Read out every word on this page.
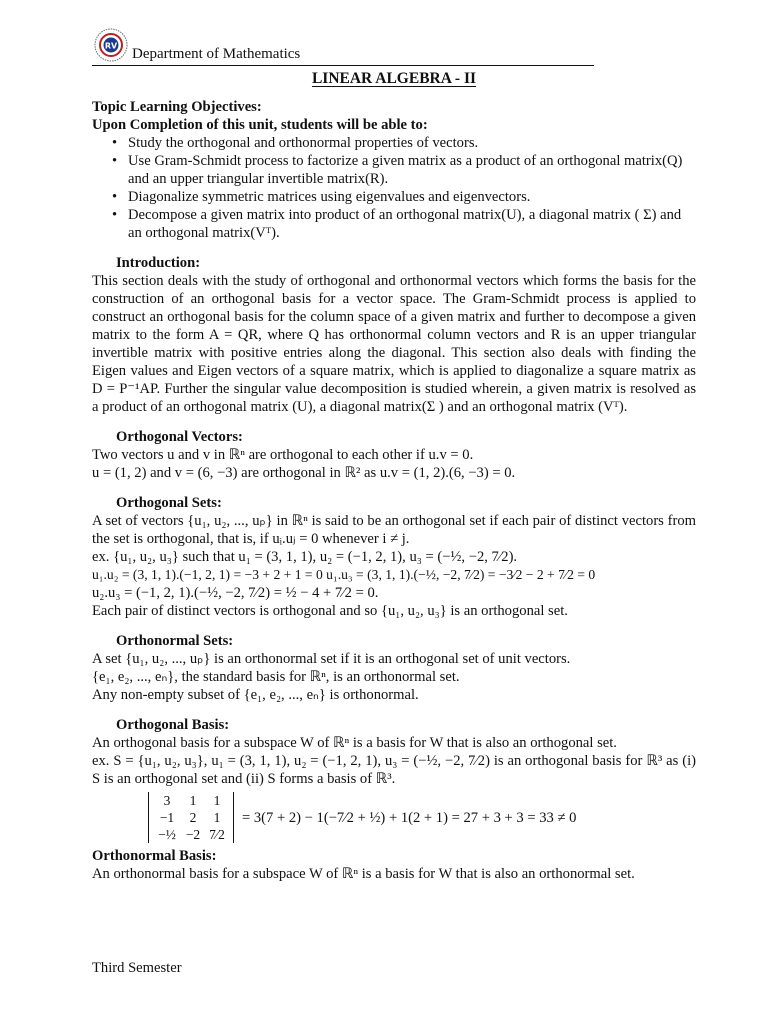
RV Department of Mathematics
LINEAR ALGEBRA - II
Topic Learning Objectives:
Upon Completion of this unit, students will be able to:
• Study the orthogonal and orthonormal properties of vectors.
• Use Gram-Schmidt process to factorize a given matrix as a product of an orthogonal matrix(Q) and an upper triangular invertible matrix(R).
• Diagonalize symmetric matrices using eigenvalues and eigenvectors.
• Decompose a given matrix into product of an orthogonal matrix(U), a diagonal matrix ( Σ) and an orthogonal matrix(Vᵀ).
Introduction:
This section deals with the study of orthogonal and orthonormal vectors which forms the basis for the construction of an orthogonal basis for a vector space. The Gram-Schmidt process is applied to construct an orthogonal basis for the column space of a given matrix and further to decompose a given matrix to the form A = QR, where Q has orthonormal column vectors and R is an upper triangular invertible matrix with positive entries along the diagonal. This section also deals with finding the Eigen values and Eigen vectors of a square matrix, which is applied to diagonalize a square matrix as D = P⁻¹AP. Further the singular value decomposition is studied wherein, a given matrix is resolved as a product of an orthogonal matrix (U), a diagonal matrix(Σ ) and an orthogonal matrix (Vᵀ).
Orthogonal Vectors:
Two vectors u and v in ℝⁿ are orthogonal to each other if u.v = 0.
u = (1, 2) and v = (6, −3) are orthogonal in ℝ² as u.v = (1, 2).(6, −3) = 0.
Orthogonal Sets:
A set of vectors {u₁, u₂, ..., uₚ} in ℝⁿ is said to be an orthogonal set if each pair of distinct vectors from the set is orthogonal, that is, if uᵢ.uⱼ = 0 whenever i ≠ j.
ex. {u₁, u₂, u₃} such that u₁ = (3, 1, 1), u₂ = (−1, 2, 1), u₃ = (−½, −2, 7⁄2).
u₁.u₂ = (3, 1, 1).(−1, 2, 1) = −3 + 2 + 1 = 0 u₁.u₃ = (3, 1, 1).(−½, −2, 7⁄2) = −3⁄2 − 2 + 7⁄2 = 0
u₂.u₃ = (−1, 2, 1).(−½, −2, 7⁄2) = ½ − 4 + 7⁄2 = 0.
Each pair of distinct vectors is orthogonal and so {u₁, u₂, u₃} is an orthogonal set.
Orthonormal Sets:
A set {u₁, u₂, ..., uₚ} is an orthonormal set if it is an orthogonal set of unit vectors.
{e₁, e₂, ..., eₙ}, the standard basis for ℝⁿ, is an orthonormal set.
Any non-empty subset of {e₁, e₂, ..., eₙ} is orthonormal.
Orthogonal Basis:
An orthogonal basis for a subspace W of ℝⁿ is a basis for W that is also an orthogonal set.
ex. S = {u₁, u₂, u₃}, u₁ = (3, 1, 1), u₂ = (−1, 2, 1), u₃ = (−½, −2, 7⁄2) is an orthogonal basis for ℝ³ as (i) S is an orthogonal set and (ii) S forms a basis of ℝ³.
3	1	1
−1	2	1
−½ −2 7⁄2
= 3(7 + 2) − 1(−7⁄2 + ½) + 1(2 + 1) = 27 + 3 + 3 = 33 ≠ 0
Orthonormal Basis:
An orthonormal basis for a subspace W of ℝⁿ is a basis for W that is also an orthonormal set.
Third Semester
